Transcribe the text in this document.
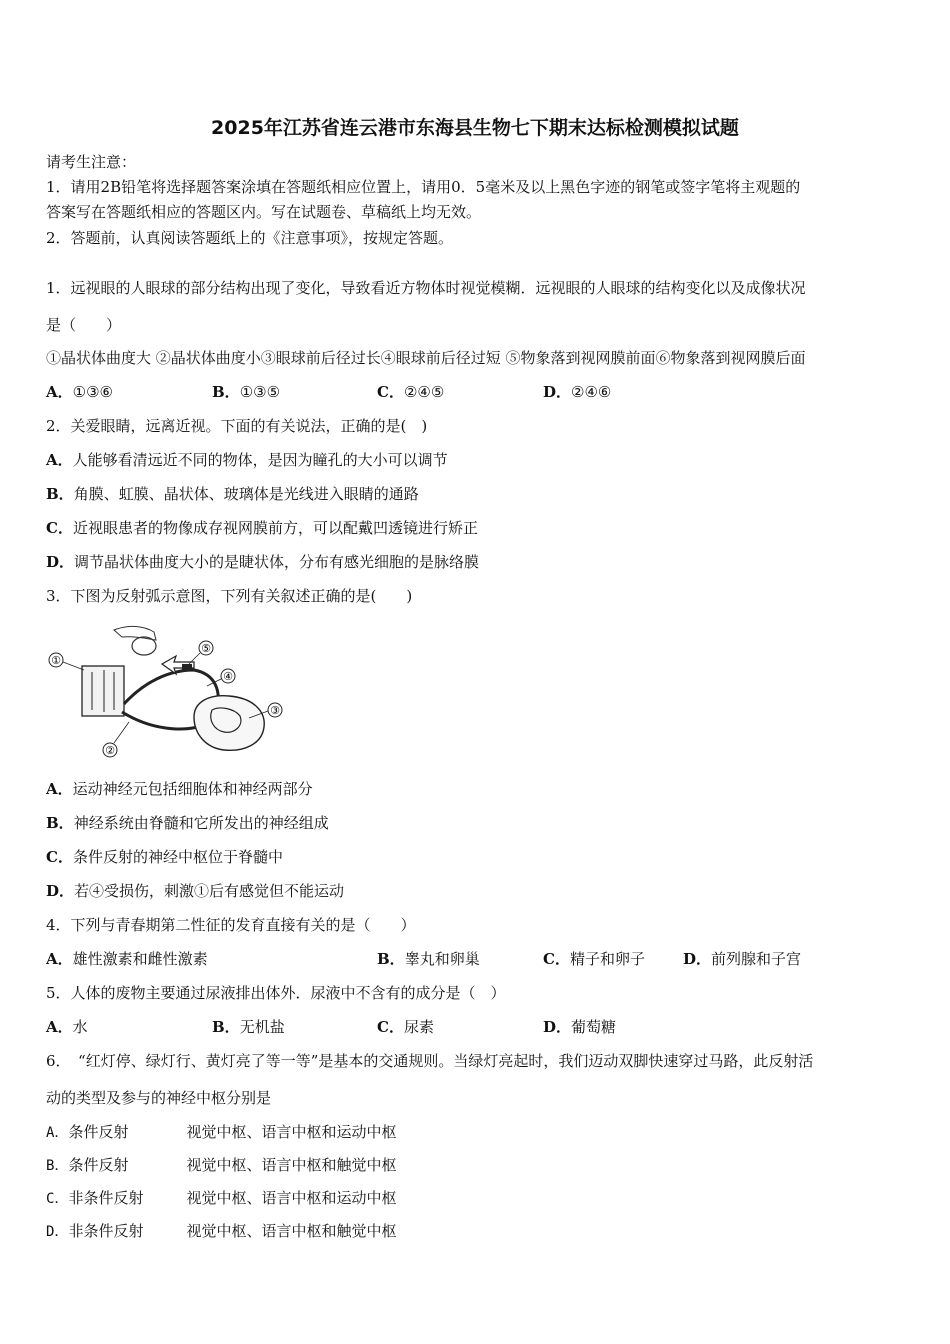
2025年江苏省连云港市东海县生物七下期末达标检测模拟试题
请考生注意：
1．请用2B铅笔将选择题答案涂填在答题纸相应位置上，请用0．5毫米及以上黑色字迹的钢笔或签字笔将主观题的
答案写在答题纸相应的答题区内。写在试题卷、草稿纸上均无效。
2．答题前，认真阅读答题纸上的《注意事项》，按规定答题。
1．远视眼的人眼球的部分结构出现了变化，导致看近方物体时视觉模糊．远视眼的人眼球的结构变化以及成像状况
是（　　）
①晶状体曲度大 ②晶状体曲度小③眼球前后径过长④眼球前后径过短 ⑤物象落到视网膜前面⑥物象落到视网膜后面
A．①③⑥	B．①③⑤	C．②④⑤	D．②④⑥
2．关爱眼睛，远离近视。下面的有关说法，正确的是(　)
A．人能够看清远近不同的物体，是因为瞳孔的大小可以调节
B．角膜、虹膜、晶状体、玻璃体是光线进入眼睛的通路
C．近视眼患者的物像成存视网膜前方，可以配戴凹透镜进行矫正
D．调节晶状体曲度大小的是睫状体，分布有感光细胞的是脉络膜
3．下图为反射弧示意图，下列有关叙述正确的是(　　)
①
②
③
④
⑤
A．运动神经元包括细胞体和神经两部分
B．神经系统由脊髓和它所发出的神经组成
C．条件反射的神经中枢位于脊髓中
D．若④受损伤，刺激①后有感觉但不能运动
4．下列与青春期第二性征的发育直接有关的是（　　）
A．雄性激素和雌性激素	B．睾丸和卵巢	C．精子和卵子	D．前列腺和子宫
5．人体的废物主要通过尿液排出体外．尿液中不含有的成分是（　）
A．水	B．无机盐	C．尿素	D．葡萄糖
6．　“红灯停、绿灯行、黄灯亮了等一等”是基本的交通规则。当绿灯亮起时，我们迈动双脚快速穿过马路，此反射活
动的类型及参与的神经中枢分别是
A．条件反射	视觉中枢、语言中枢和运动中枢
B．条件反射	视觉中枢、语言中枢和触觉中枢
C．非条件反射	视觉中枢、语言中枢和运动中枢
D．非条件反射	视觉中枢、语言中枢和触觉中枢
